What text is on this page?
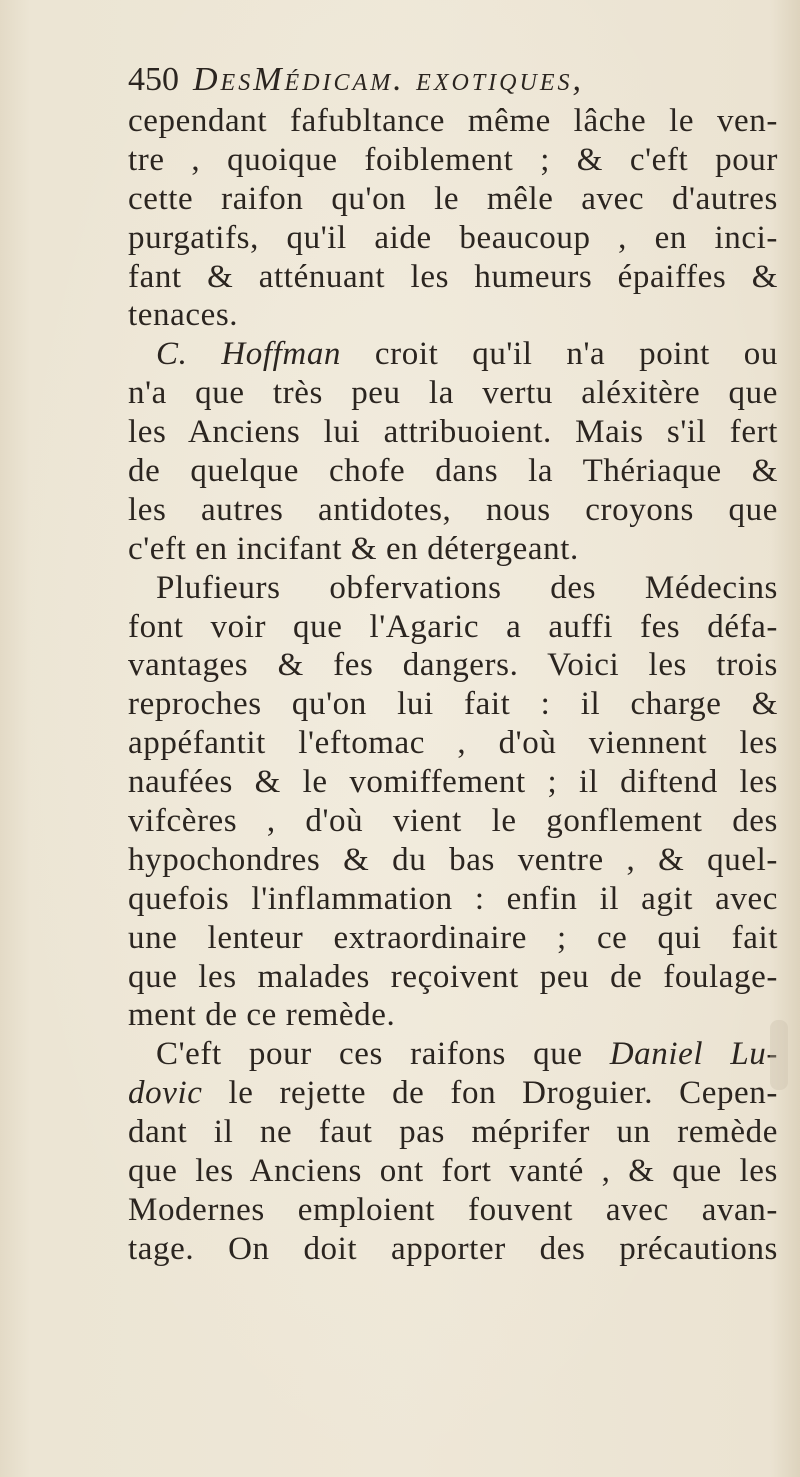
450 DesMédicam. exotiques,
cependant fafubltance même lâche le ven-
tre , quoique foiblement ; & c'eft pour
cette raifon qu'on le mêle avec d'autres
purgatifs, qu'il aide beaucoup , en inci-
fant & atténuant les humeurs épaiffes &
tenaces.
C. Hoffman croit qu'il n'a point ou
n'a que très peu la vertu aléxitère que
les Anciens lui attribuoient. Mais s'il fert
de quelque chofe dans la Thériaque &
les autres antidotes, nous croyons que
c'eft en incifant & en détergeant.
Plufieurs obfervations des Médecins
font voir que l'Agaric a auffi fes défa-
vantages & fes dangers. Voici les trois
reproches qu'on lui fait : il charge &
appéfantit l'eftomac , d'où viennent les
naufées & le vomiffement ; il diftend les
vifcères , d'où vient le gonflement des
hypochondres & du bas ventre , & quel-
quefois l'inflammation : enfin il agit avec
une lenteur extraordinaire ; ce qui fait
que les malades reçoivent peu de foulage-
ment de ce remède.
C'eft pour ces raifons que Daniel Lu-
dovic le rejette de fon Droguier. Cepen-
dant il ne faut pas méprifer un remède
que les Anciens ont fort vanté , & que les
Modernes emploient fouvent avec avan-
tage. On doit apporter des précautions
